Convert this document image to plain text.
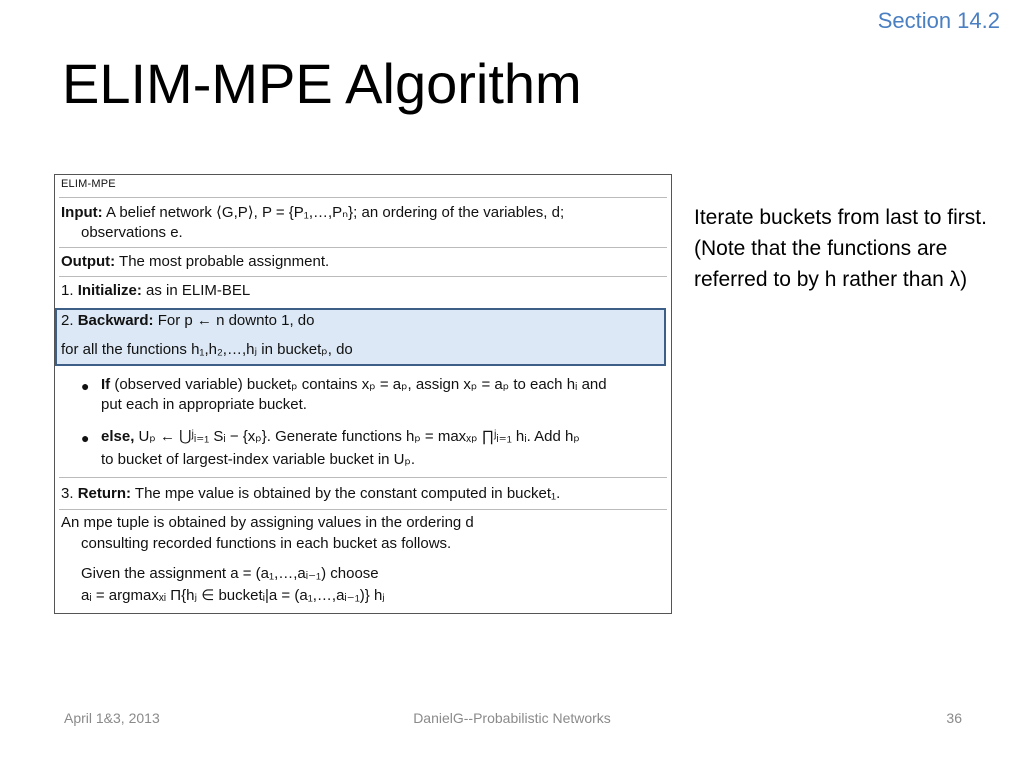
Section 14.2
ELIM-MPE Algorithm
ELIM-MPE
Input: A belief network ⟨G,P⟩, P = {P₁,…,Pₙ}; an ordering of the variables, d;
observations e.
Output: The most probable assignment.
1. Initialize: as in ELIM-BEL
2. Backward: For p ← n downto 1, do
for all the functions h₁,h₂,…,hⱼ in bucketₚ, do
● If (observed variable) bucketₚ contains xₚ = aₚ, assign xₚ = aₚ to each hᵢ and
put each in appropriate bucket.
● else, Uₚ ← ⋃ʲᵢ₌₁ Sᵢ − {xₚ}. Generate functions hₚ = maxₓₚ ∏ʲᵢ₌₁ hᵢ. Add hₚ
to bucket of largest-index variable bucket in Uₚ.
3. Return: The mpe value is obtained by the constant computed in bucket₁.
An mpe tuple is obtained by assigning values in the ordering d
consulting recorded functions in each bucket as follows.
Given the assignment a = (a₁,…,aᵢ₋₁) choose
aᵢ = argmaxₓᵢ Π{hⱼ ∈ bucketᵢ|a = (a₁,…,aᵢ₋₁)} hⱼ
Iterate buckets from last to first. (Note that the functions are referred to by h rather than λ)
April 1&3, 2013	DanielG--Probabilistic Networks	36
